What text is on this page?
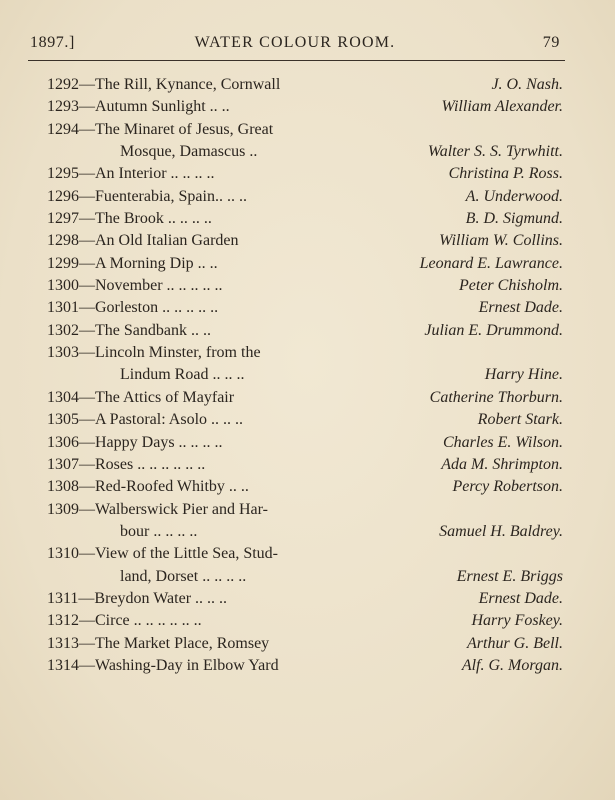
1897.]	WATER COLOUR ROOM.	79
1292—The Rill, Kynance, Cornwall	J. O. Nash.
1293—Autumn Sunlight .. ..	William Alexander.
1294—The Minaret of Jesus, Great
Mosque, Damascus ..	Walter S. S. Tyrwhitt.
1295—An Interior .. .. .. ..	Christina P. Ross.
1296—Fuenterabia, Spain.. .. ..	A. Underwood.
1297—The Brook .. .. .. ..	B. D. Sigmund.
1298—An Old Italian Garden	William W. Collins.
1299—A Morning Dip .. ..	Leonard E. Lawrance.
1300—November .. .. .. .. ..	Peter Chisholm.
1301—Gorleston .. .. .. .. ..	Ernest Dade.
1302—The Sandbank .. ..	Julian E. Drummond.
1303—Lincoln Minster, from the
Lindum Road .. .. ..	Harry Hine.
1304—The Attics of Mayfair	Catherine Thorburn.
1305—A Pastoral: Asolo .. .. ..	Robert Stark.
1306—Happy Days .. .. .. ..	Charles E. Wilson.
1307—Roses .. .. .. .. .. ..	Ada M. Shrimpton.
1308—Red-Roofed Whitby .. ..	Percy Robertson.
1309—Walberswick Pier and Har-
bour .. .. .. ..	Samuel H. Baldrey.
1310—View of the Little Sea, Stud-
land, Dorset .. .. .. ..	Ernest E. Briggs
1311—Breydon Water .. .. ..	Ernest Dade.
1312—Circe .. .. .. .. .. ..	Harry Foskey.
1313—The Market Place, Romsey	Arthur G. Bell.
1314—Washing-Day in Elbow Yard	Alf. G. Morgan.
